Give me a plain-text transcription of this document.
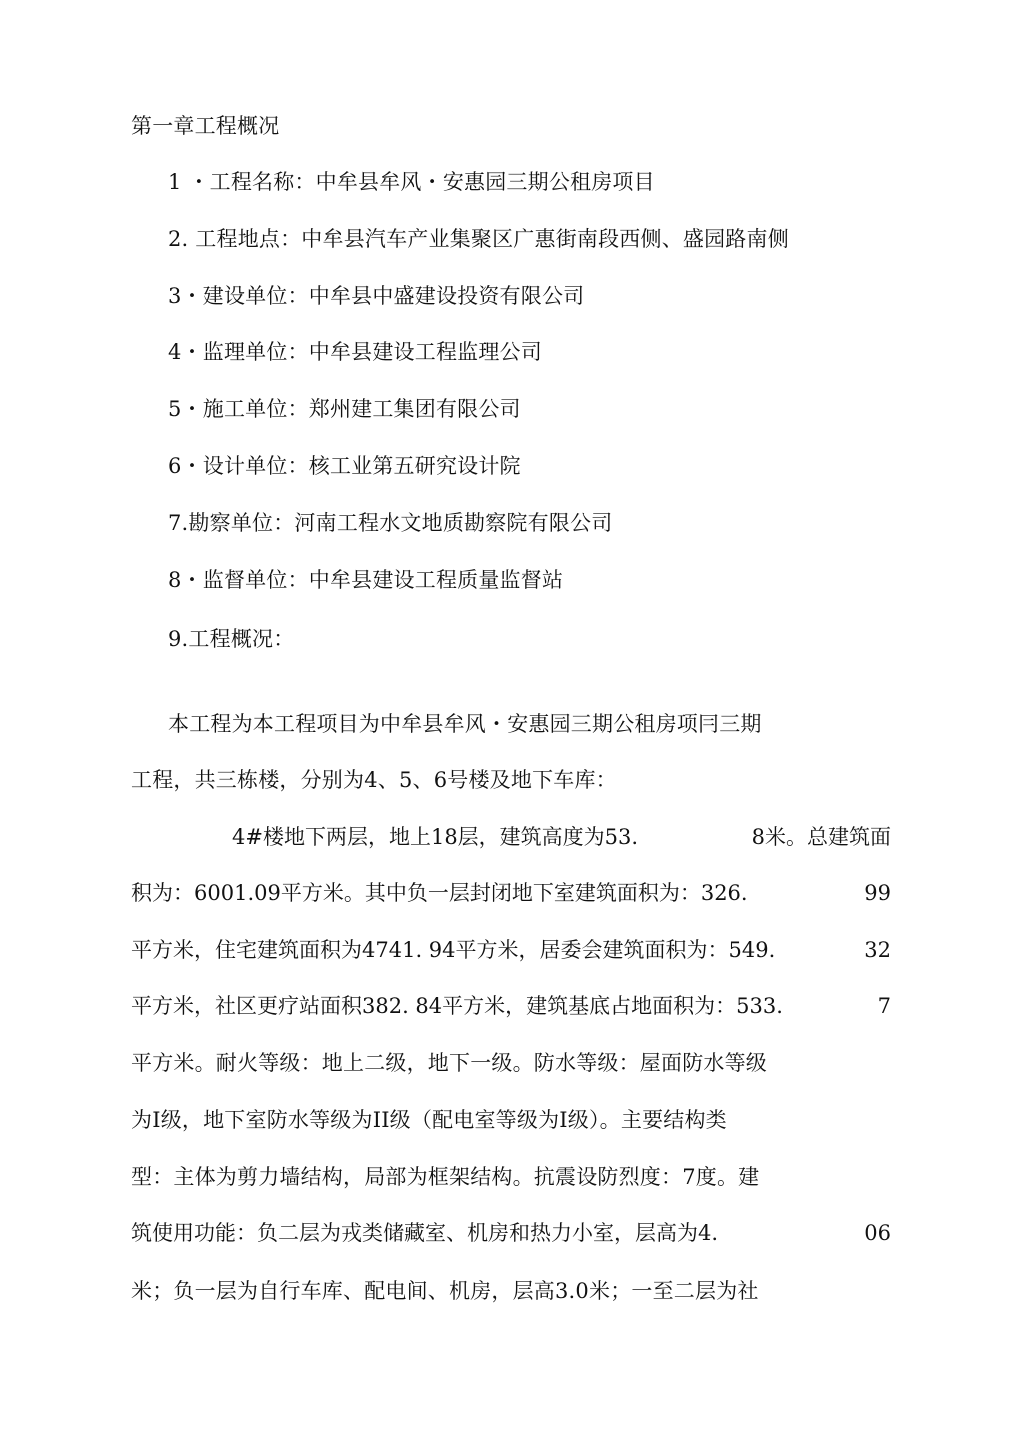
第一章工程概况
1 ・工程名称：中牟县牟风・安惠园三期公租房项目
2. 工程地点：中牟县汽车产业集聚区广惠街南段西侧、盛园路南侧
3・建设单位：中牟县中盛建设投资有限公司
4・监理单位：中牟县建设工程监理公司
5・施工单位：郑州建工集团有限公司
6・设计单位：核工业第五研究设计院
7.勘察单位：河南工程水文地质勘察院有限公司
8・监督单位：中牟县建设工程质量监督站
9.工程概况：
本工程为本工程项目为中牟县牟风・安惠园三期公租房项冃三期
工程，共三栋楼，分别为4、5、6号楼及地下车库：
4#楼地下两层，地上18层，建筑高度为53.	8米。总建筑面
积为：6001.09平方米。其中负一层封闭地下室建筑面积为：326.	99
平方米，住宅建筑面积为4741. 94平方米，居委会建筑面积为：549.	32
平方米，社区更疗站面积382. 84平方米，建筑基底占地面积为：533.	7
平方米。耐火等级：地上二级，地下一级。防水等级：屋面防水等级
为I级，地下室防水等级为II级（配电室等级为I级）。主要结构类
型：主体为剪力墙结构，局部为框架结构。抗震设防烈度：7度。建
筑使用功能：负二层为戎类储藏室、机房和热力小室，层高为4.	06
米；负一层为自行车库、配电间、机房，层高3.0米；一至二层为社
